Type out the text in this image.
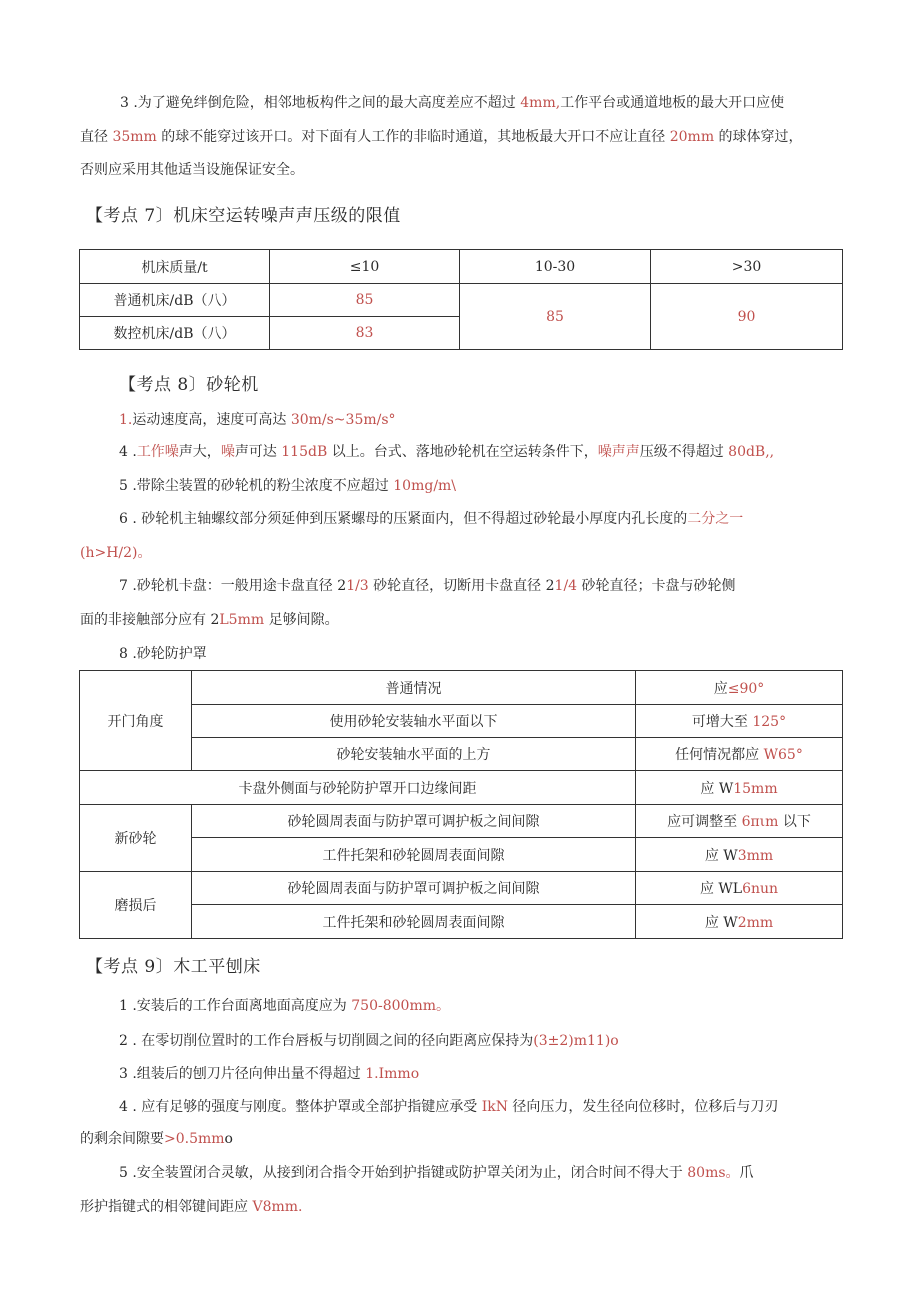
3 .为了避免绊倒危险，相邻地板构件之间的最大高度差应不超过 4mm,工作平台或通道地板的最大开口应使
直径 35mm 的球不能穿过该开口。对下面有人工作的非临时通道，其地板最大开口不应让直径 20mm 的球体穿过，
否则应采用其他适当设施保证安全。
【考点 7〕机床空运转噪声声压级的限值
机床质量/t	≤10	10-30	>30
普通机床/dB（八）	85	85	90
数控机床/dB（八）	83		
【考点 8〕砂轮机
1.运动速度高，速度可高达 30m∕s~35m∕s°
4 .工作噪声大，噪声可达 115dB 以上。台式、落地砂轮机在空运转条件下，噪声声压级不得超过 80dB,,
5 .带除尘装置的砂轮机的粉尘浓度不应超过 10mg∕m\
6 . 砂轮机主轴螺纹部分须延伸到压紧螺母的压紧面内，但不得超过砂轮最小厚度内孔长度的二分之一
(h>H∕2)。
7 .砂轮机卡盘：一般用途卡盘直径 21/3 砂轮直径，切断用卡盘直径 21/4 砂轮直径；卡盘与砂轮侧
面的非接触部分应有 2L5mm 足够间隙。
8 .砂轮防护罩
开门角度	普通情况	应≤90°
	使用砂轮安装轴水平面以下	可增大至 125°
	砂轮安装轴水平面的上方	任何情况都应 W65°
卡盘外侧面与砂轮防护罩开口边缘间距		应 W15mm
新砂轮	砂轮圆周表面与防护罩可调护板之间间隙	应可调整至 6πιm 以下
	工件托架和砂轮圆周表面间隙	应 W3mm
磨损后	砂轮圆周表面与防护罩可调护板之间间隙	应 WL6nun
	工件托架和砂轮圆周表面间隙	应 W2mm
【考点 9〕木工平刨床
1 .安装后的工作台面离地面高度应为 750-800mm。
2 . 在零切削位置时的工作台唇板与切削圆之间的径向距离应保持为(3±2)m11)o
3 .组装后的刨刀片径向伸出量不得超过 1.Immo
4 . 应有足够的强度与刚度。整体护罩或全部护指键应承受 IkN 径向压力，发生径向位移时，位移后与刀刃
的剩余间隙要>0.5mmo
5 .安全装置闭合灵敏，从接到闭合指令开始到护指键或防护罩关闭为止，闭合时间不得大于 80ms。爪
形护指键式的相邻键间距应 V8mm.
